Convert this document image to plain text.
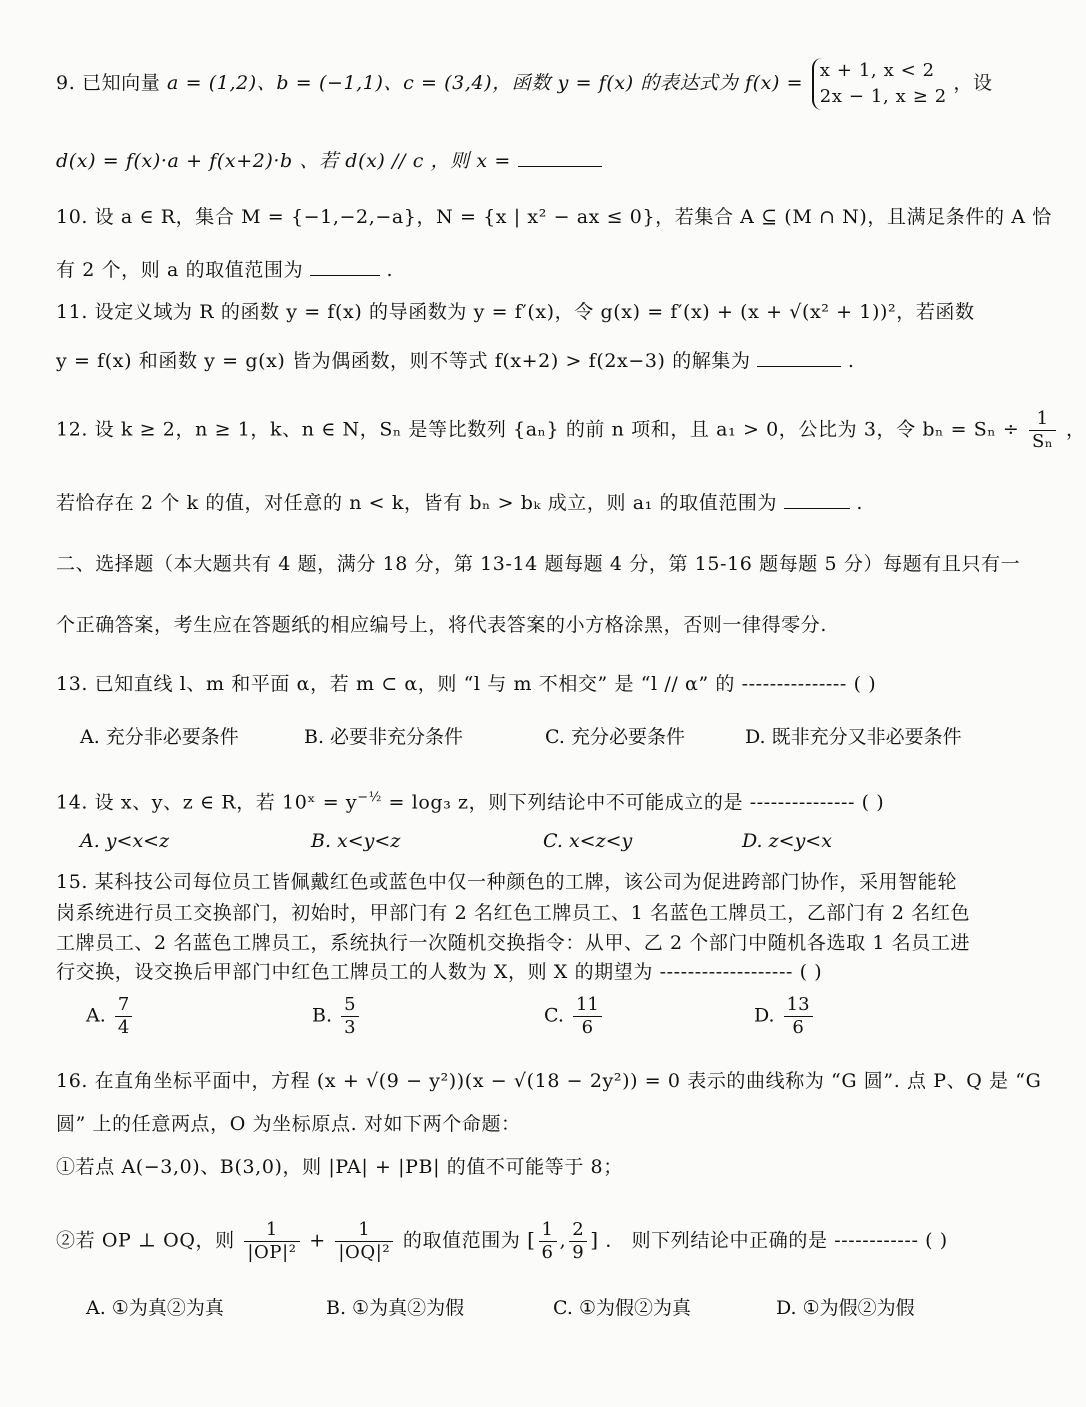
9. 已知向量 a = (1,2)、b = (−1,1)、c = (3,4)，函数 y = f(x) 的表达式为 f(x) =
x + 1, x < 2
2x − 1, x ≥ 2
，设
d(x) = f(x)·a + f(x+2)·b 、若 d(x) // c ，则 x =
10. 设 a ∈ R，集合 M = {−1,−2,−a}，N = {x | x² − ax ≤ 0}，若集合 A ⊆ (M ∩ N)，且满足条件的 A 恰
有 2 个，则 a 的取值范围为	.
11. 设定义域为 R 的函数 y = f(x) 的导函数为 y = f′(x)，令 g(x) = f′(x) + (x + √(x² + 1))²，若函数
y = f(x) 和函数 y = g(x) 皆为偶函数，则不等式 f(x+2) > f(2x−3) 的解集为	.
12. 设 k ≥ 2，n ≥ 1，k、n ∈ N，Sₙ 是等比数列 {aₙ} 的前 n 项和，且 a₁ > 0，公比为 3，令 $b_n = S_n \div \frac{1}{\text{Sₙ}}$ ，
若恰存在 2 个 k 的值，对任意的 n < k，皆有 bₙ > bₖ 成立，则 a₁ 的取值范围为	.
二、选择题（本大题共有 4 题，满分 18 分，第 13-14 题每题 4 分，第 15-16 题每题 5 分）每题有且只有一
个正确答案，考生应在答题纸的相应编号上，将代表答案的小方格涂黑，否则一律得零分.
13. 已知直线 l、m 和平面 α，若 m ⊂ α，则 “l 与 m 不相交” 是 “l // α” 的 --------------- ( )
A. 充分非必要条件	B. 必要非充分条件	C. 充分必要条件	D. 既非充分又非必要条件
14. 设 x、y、z ∈ R，若 10ˣ = $y^{-\frac{1}{2}} = \log_3$ z，则下列结论中不可能成立的是 --------------- ( )
A. y<x<z	B. x<y<z	C. x<z<y	D. z<y<x
15. 某科技公司每位员工皆佩戴红色或蓝色中仅一种颜色的工牌，该公司为促进跨部门协作，采用智能轮
岗系统进行员工交换部门，初始时，甲部门有 2 名红色工牌员工、1 名蓝色工牌员工，乙部门有 2 名红色
工牌员工、2 名蓝色工牌员工，系统执行一次随机交换指令：从甲、乙 2 个部门中随机各选取 1 名员工进
行交换，设交换后甲部门中红色工牌员工的人数为 X，则 X 的期望为 ------------------- ( )
A. $\frac{7}{4}$	B. $\frac{5}{3}$	C. $\frac{11}{6}$	D. $\frac{13}{6}$
16. 在直角坐标平面中，方程 (x + √(9 − y²))(x − √(18 − 2y²)) = 0 表示的曲线称为 “G 圆”. 点 P、Q 是 “G
圆” 上的任意两点，O 为坐标原点. 对如下两个命题：
①若点 A(−3,0)、B(3,0)，则 |PA| + |PB| 的值不可能等于 8；
②若 OP ⊥ OQ，则 $\frac{1}{\text{|OP|²}} + \frac{1}{\text{|OQ|²}}$ 的取值范围为 [ $\frac{1}{6}$ , $\frac{2}{9}$ ] ． 则下列结论中正确的是 ------------ ( )
A. ①为真②为真	B. ①为真②为假	C. ①为假②为真	D. ①为假②为假
